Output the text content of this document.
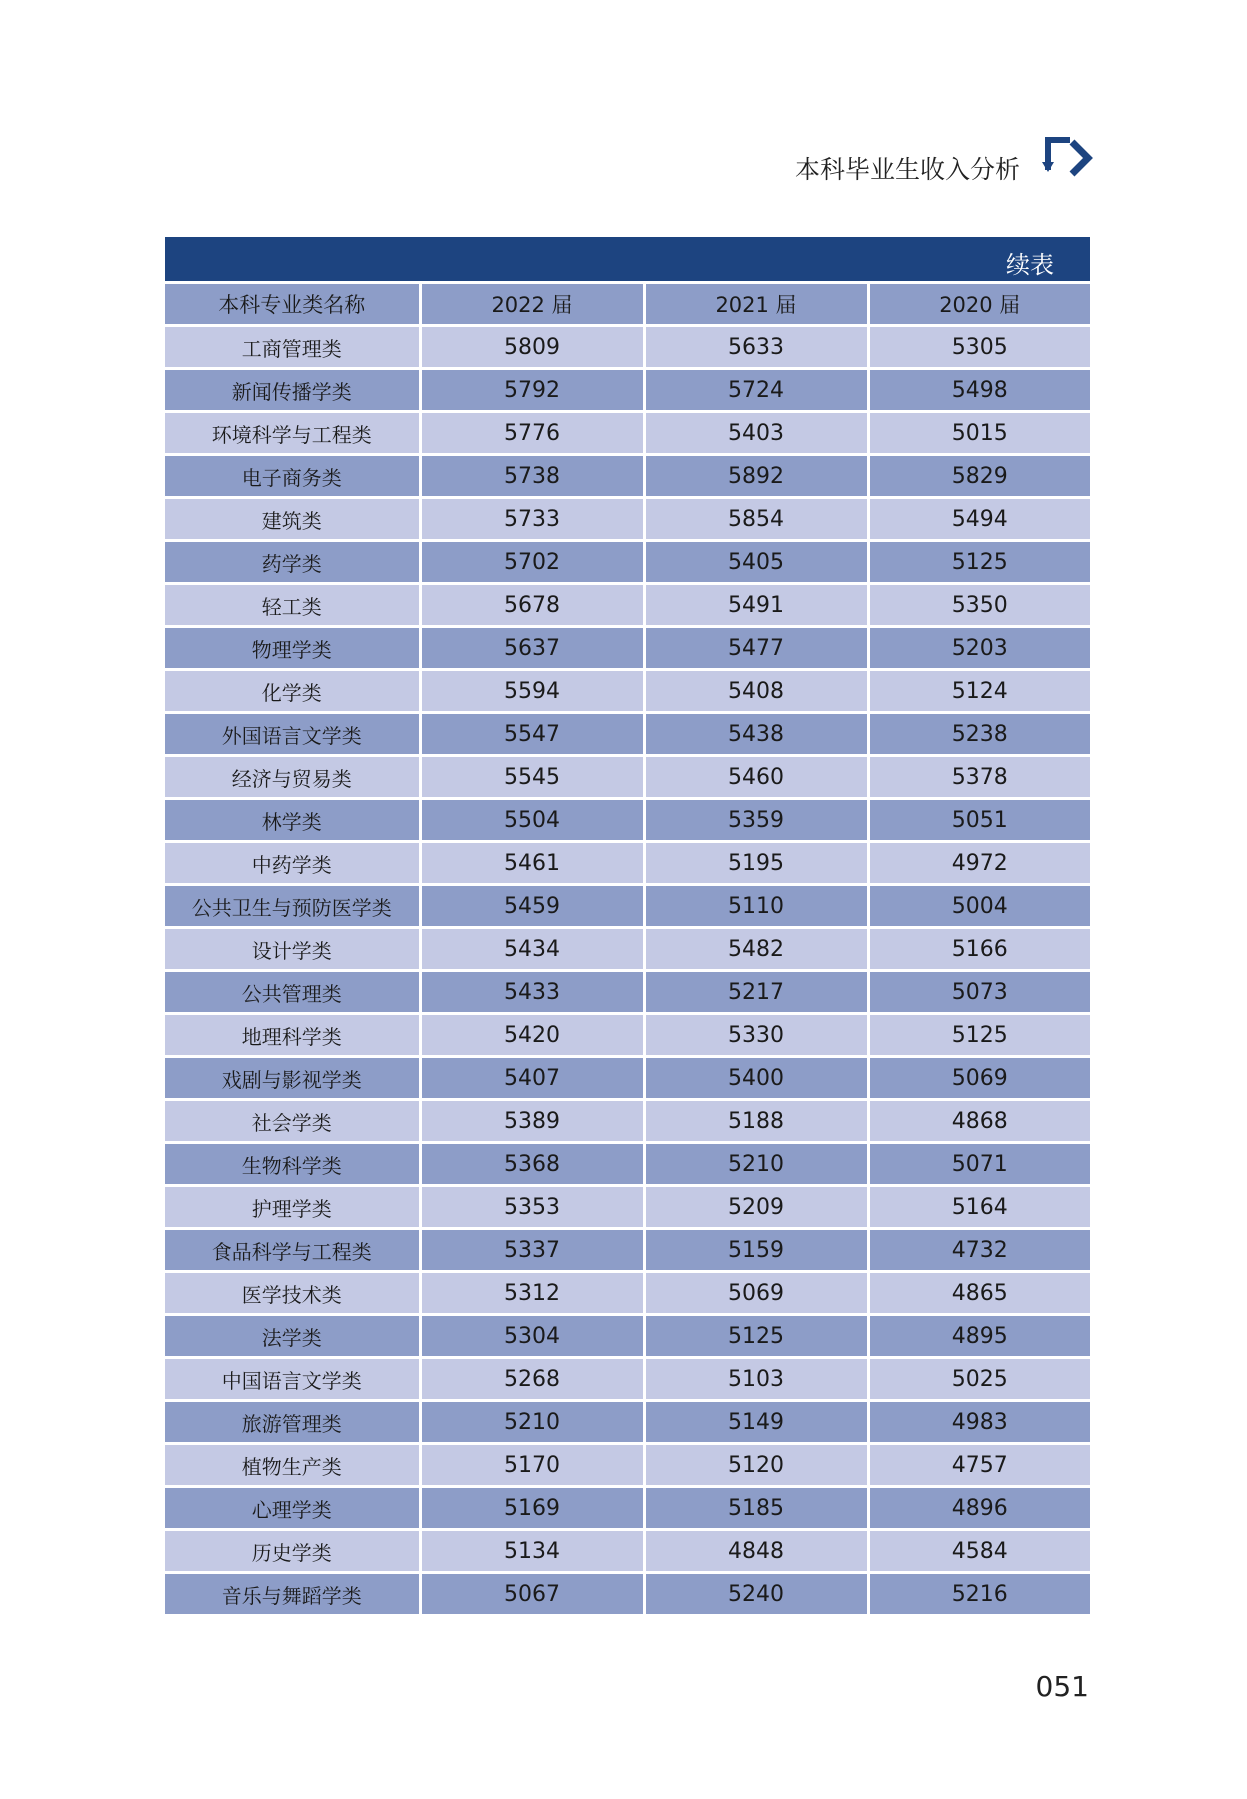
本科毕业生收入分析
续表
本科专业类名称	2022 届	2021 届	2020 届
工商管理类	5809	5633	5305
新闻传播学类	5792	5724	5498
环境科学与工程类	5776	5403	5015
电子商务类	5738	5892	5829
建筑类	5733	5854	5494
药学类	5702	5405	5125
轻工类	5678	5491	5350
物理学类	5637	5477	5203
化学类	5594	5408	5124
外国语言文学类	5547	5438	5238
经济与贸易类	5545	5460	5378
林学类	5504	5359	5051
中药学类	5461	5195	4972
公共卫生与预防医学类	5459	5110	5004
设计学类	5434	5482	5166
公共管理类	5433	5217	5073
地理科学类	5420	5330	5125
戏剧与影视学类	5407	5400	5069
社会学类	5389	5188	4868
生物科学类	5368	5210	5071
护理学类	5353	5209	5164
食品科学与工程类	5337	5159	4732
医学技术类	5312	5069	4865
法学类	5304	5125	4895
中国语言文学类	5268	5103	5025
旅游管理类	5210	5149	4983
植物生产类	5170	5120	4757
心理学类	5169	5185	4896
历史学类	5134	4848	4584
音乐与舞蹈学类	5067	5240	5216
051
